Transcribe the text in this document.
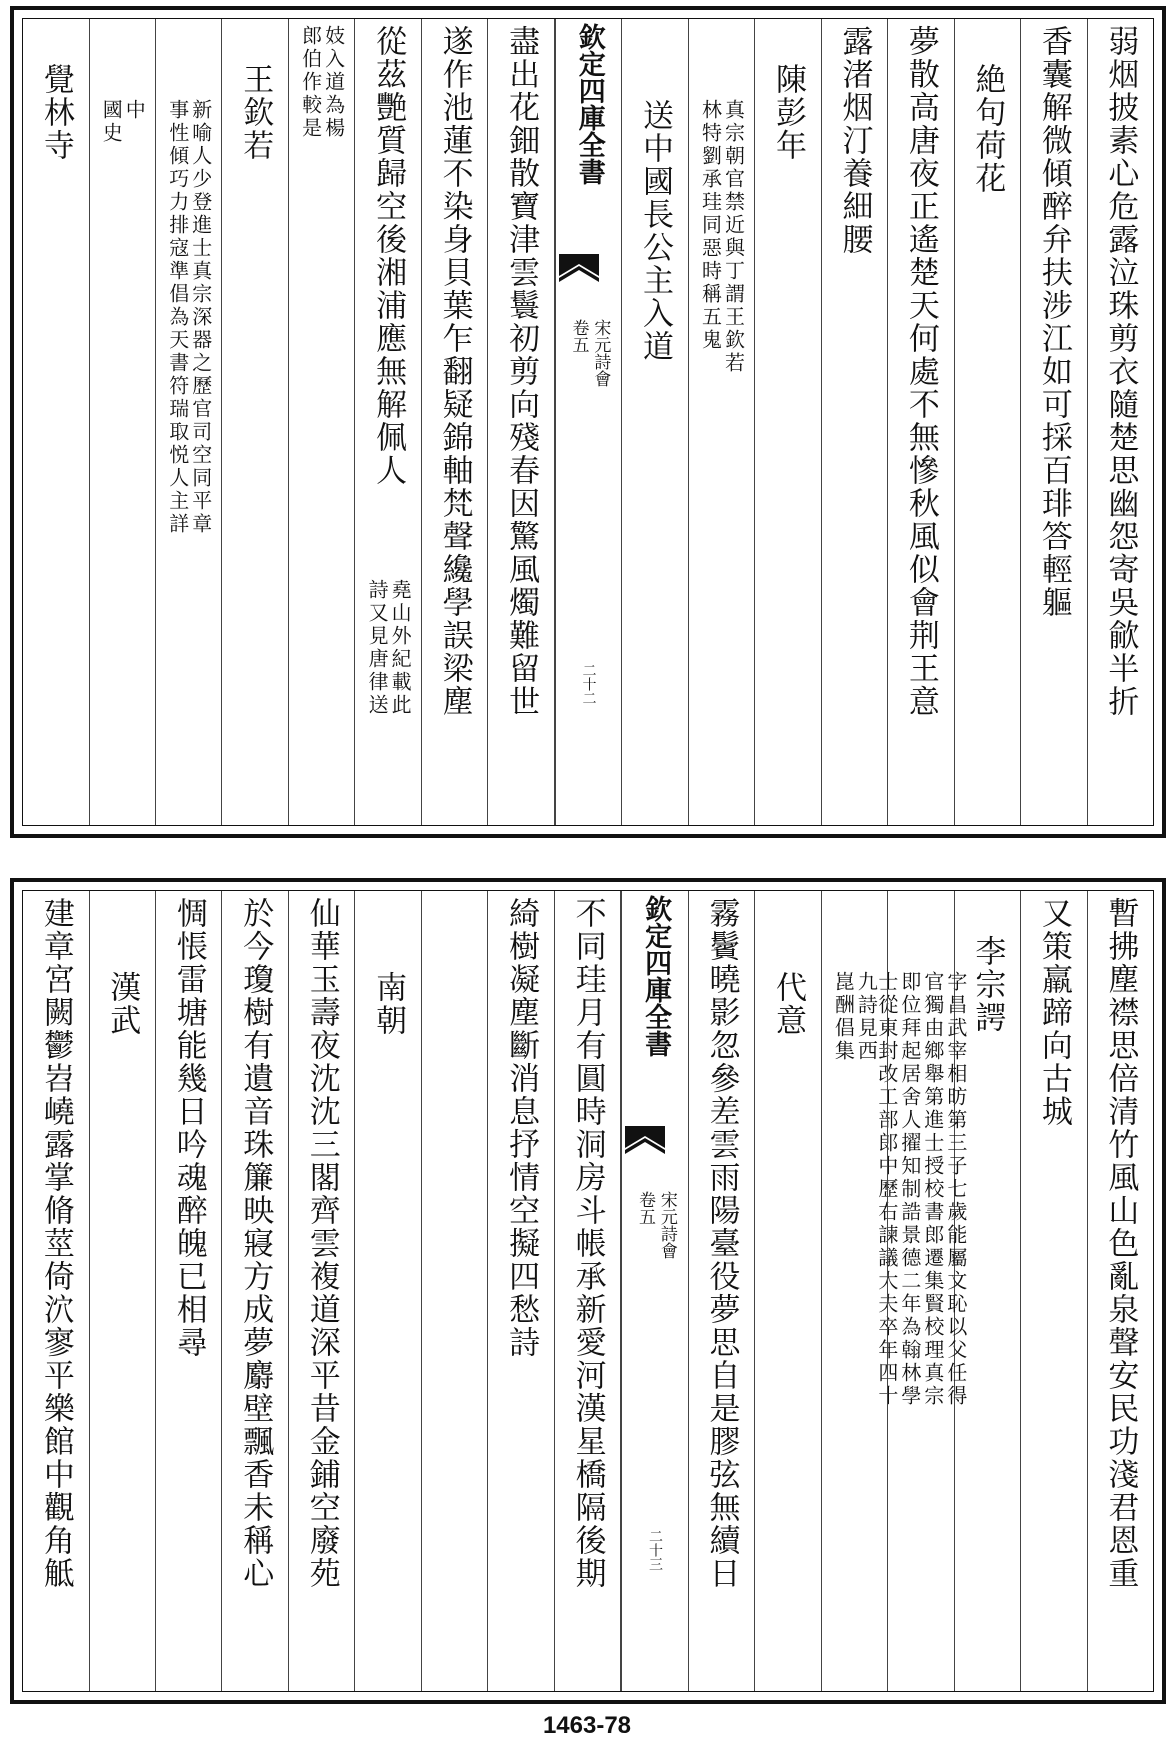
弱烟披素心危露泣珠剪衣隨楚思幽怨寄吳歈半折
香囊解微傾醉弁扶涉江如可採百琲答輕軀
絶句荷花
夢散高唐夜正遙楚天何處不無慘秋風似會荆王意
露渚烟汀養細腰
陳彭年
真宗朝官禁近與丁謂王欽若
林特劉承珪同惡時稱五鬼
送中國長公主入道
欽定四庫全書
宋元詩會
卷五
二十二
盡出花鈿散寶津雲鬟初剪向殘春因驚風燭難留世
遂作池蓮不染身貝葉乍翻疑錦軸梵聲纔學誤梁塵
從茲艷質歸空後湘浦應無解佩人
堯山外紀載此
詩又見唐律送
妓入道為楊
郎伯作較是
王欽若
新喻人少登進士真宗深器之歷官司空同平章
事性傾巧力排寇準倡為天書符瑞取悦人主詳
中
國史
覺林寺
暫拂塵襟思倍清竹風山色亂泉聲安民功淺君恩重
又策羸蹄向古城
李宗諤
字昌武宰相昉第三子七歲能屬文恥以父任得
官獨由鄉舉第進士授校書郎遷集賢校理真宗
即位拜起居舍人擢知制誥景德二年為翰林學
士從東封改工部郎中歷右諫議大夫卒年四十
九詩見西
崑酬倡集
代意
霧鬢曉影忽參差雲雨陽臺役夢思自是膠弦無續日
欽定四庫全書
宋元詩會
卷五
二十三
不同珪月有圓時洞房斗帳承新愛河漢星橋隔後期
綺樹凝塵斷消息抒情空擬四愁詩
南朝
仙華玉壽夜沈沈三閣齊雲複道深平昔金鋪空廢苑
於今瓊樹有遺音珠簾映寢方成夢麝壁飄香未稱心
惆悵雷塘能幾日吟魂醉魄已相尋
漢武
建章宮闕鬱岧嶢露掌脩莖倚泬寥平樂館中觀角觝
1463-78
